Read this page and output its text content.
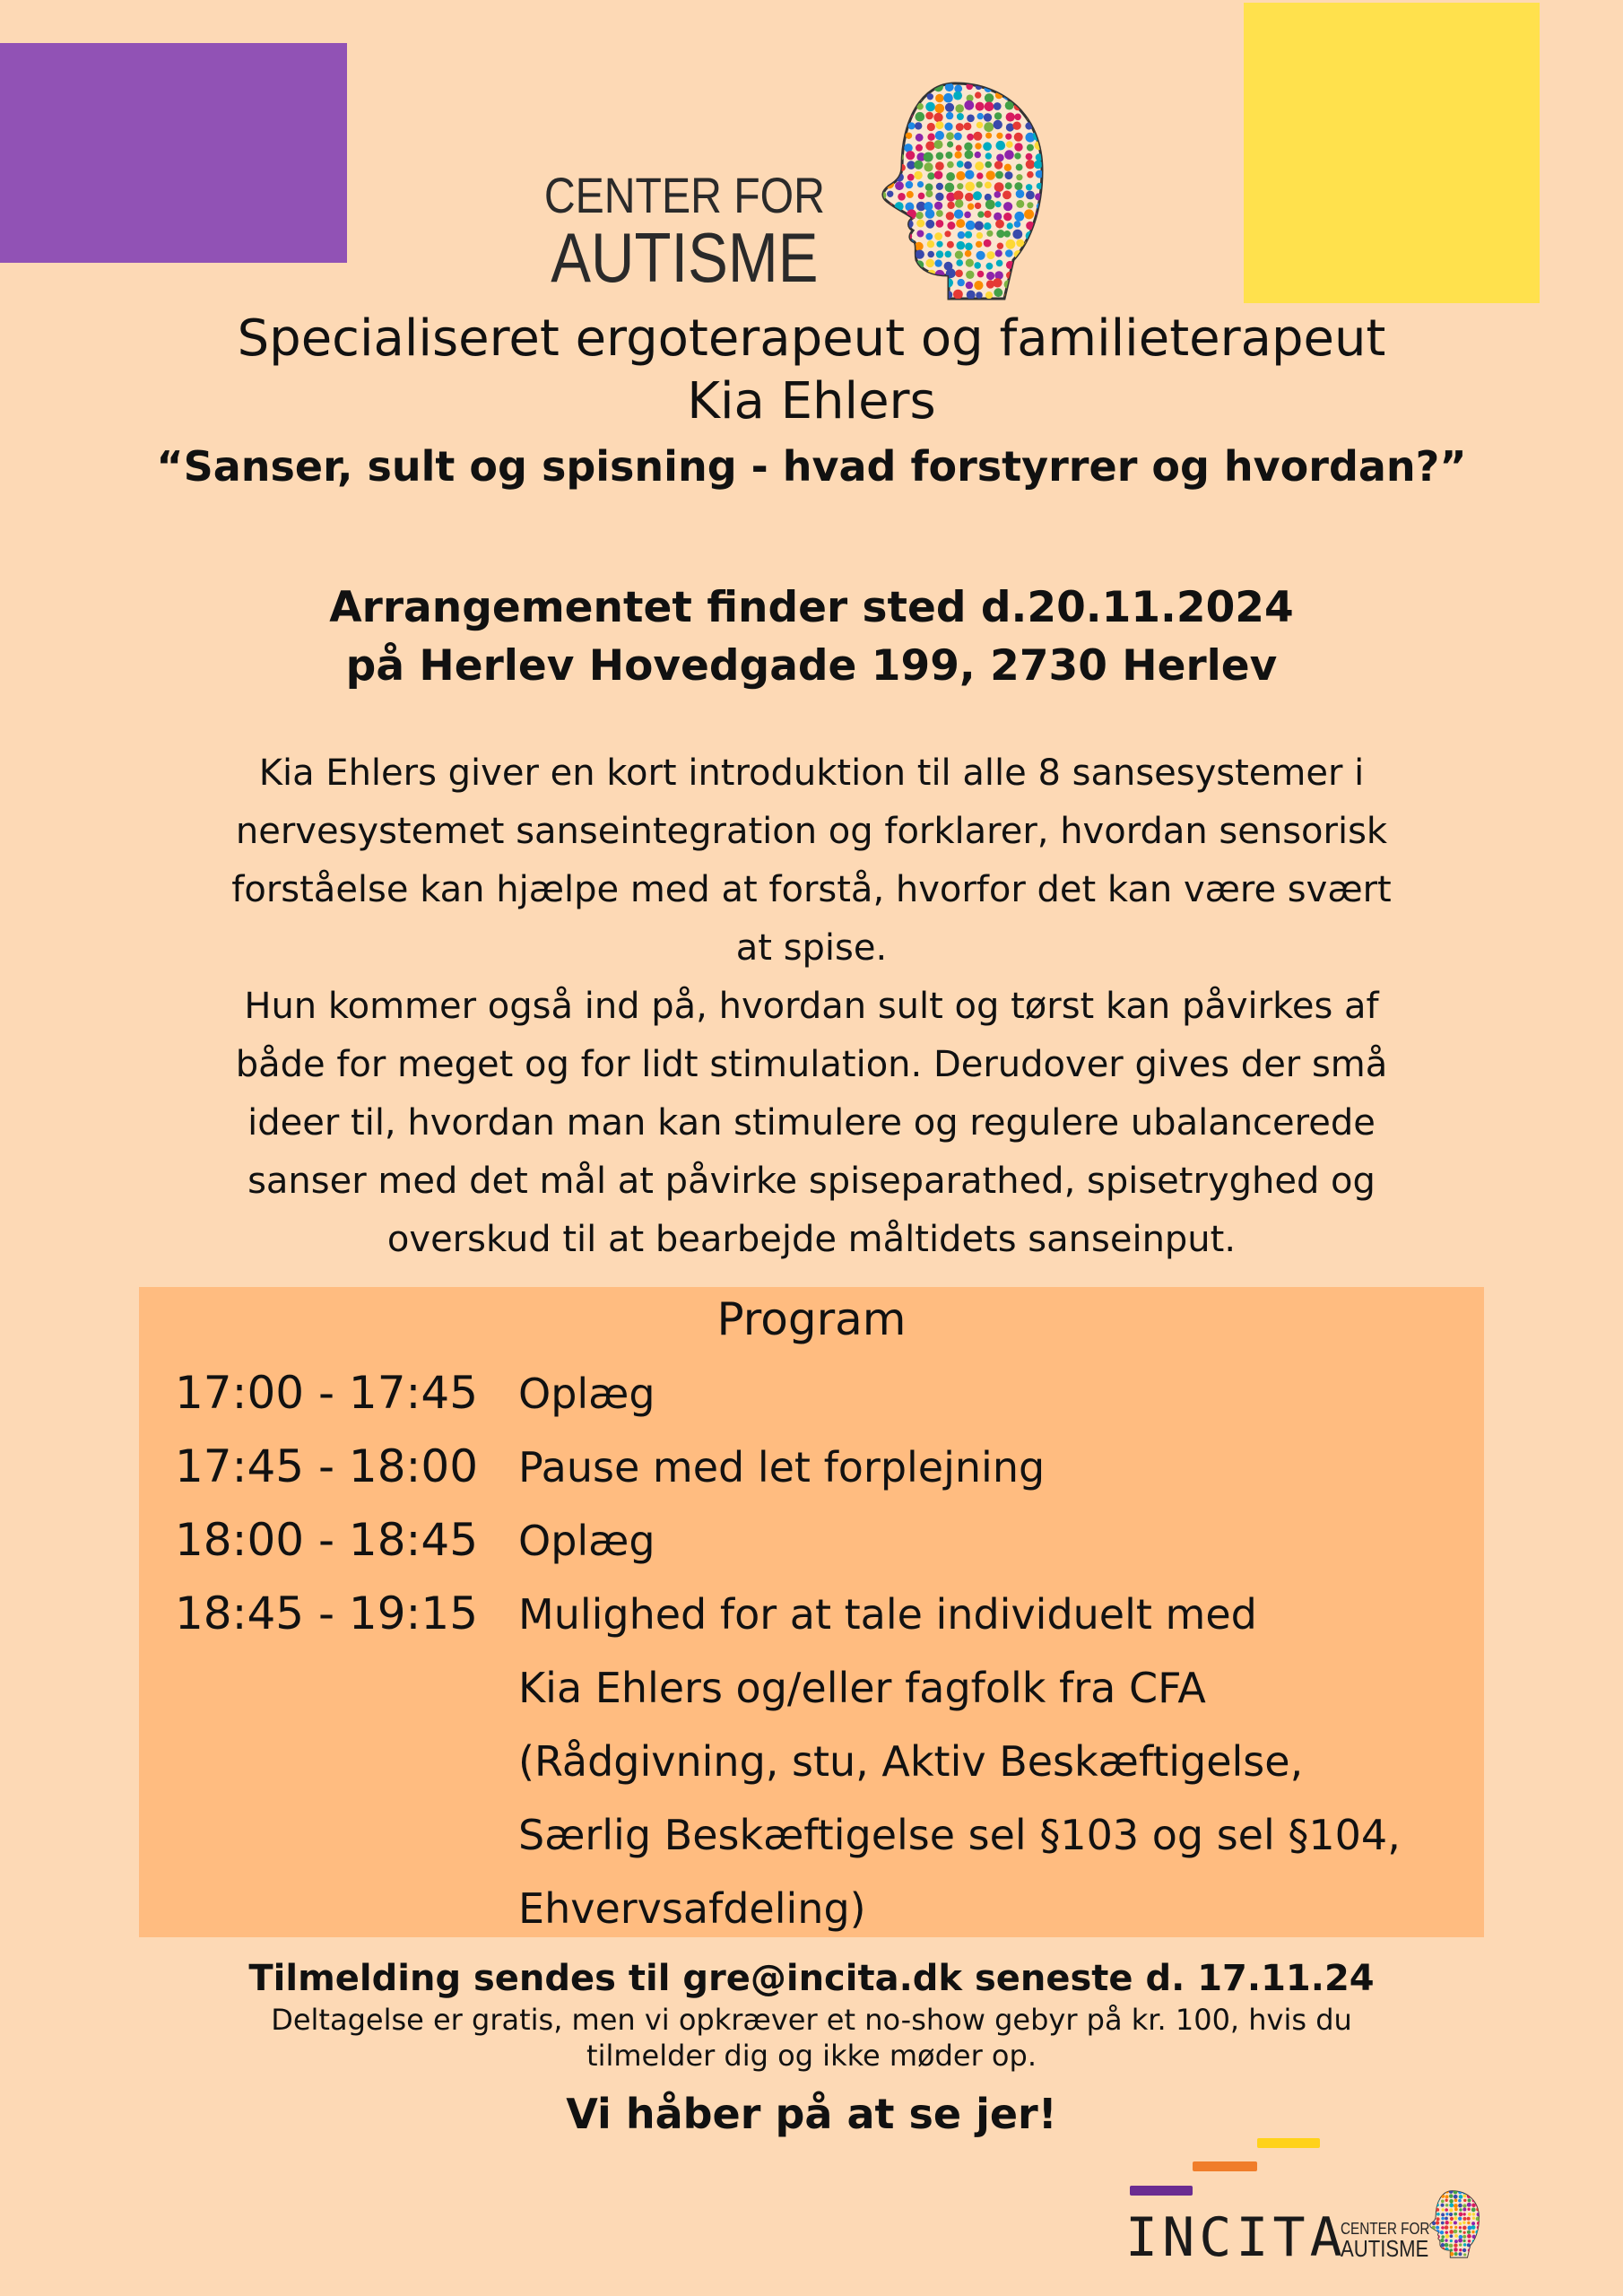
CENTER FOR
AUTISME
Specialiseret ergoterapeut og familieterapeut
Kia Ehlers
“Sanser, sult og spisning - hvad forstyrrer og hvordan?”
Arrangementet finder sted d.20.11.2024
på Herlev Hovedgade 199, 2730 Herlev
Kia Ehlers giver en kort introduktion til alle 8 sansesystemer i
nervesystemet sanseintegration og forklarer, hvordan sensorisk
forståelse kan hjælpe med at forstå, hvorfor det kan være svært
at spise.
Hun kommer også ind på, hvordan sult og tørst kan påvirkes af
både for meget og for lidt stimulation. Derudover gives der små
ideer til, hvordan man kan stimulere og regulere ubalancerede
sanser med det mål at påvirke spiseparathed, spisetryghed og
overskud til at bearbejde måltidets sanseinput.
Program
17:00 - 17:45 Oplæg
17:45 - 18:00 Pause med let forplejning
18:00 - 18:45 Oplæg
18:45 - 19:15 Mulighed for at tale individuelt med
Kia Ehlers og/eller fagfolk fra CFA
(Rådgivning, stu, Aktiv Beskæftigelse,
Særlig Beskæftigelse sel §103 og sel §104,
Ehvervsafdeling)
Tilmelding sendes til gre@incita.dk seneste d. 17.11.24
Deltagelse er gratis, men vi opkræver et no-show gebyr på kr. 100, hvis du
tilmelder dig og ikke møder op.
Vi håber på at se jer!
INCITA
CENTER FOR
AUTISME
